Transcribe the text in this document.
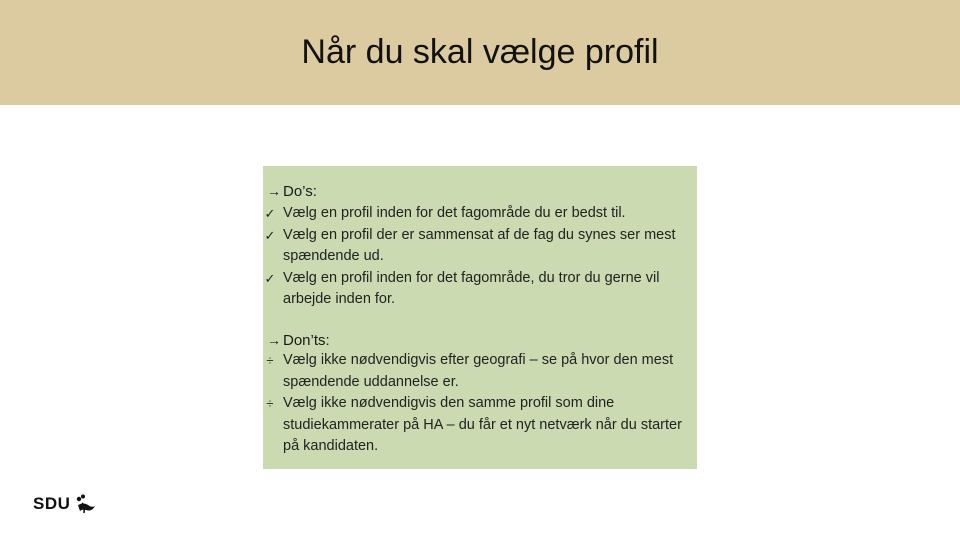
Når du skal vælge profil
→ Do’s:
✓ Vælg en profil inden for det fagområde du er bedst til.
✓ Vælg en profil der er sammensat af de fag du synes ser mest spændende ud.
✓ Vælg en profil inden for det fagområde, du tror du gerne vil arbejde inden for.
→ Don’ts:
÷ Vælg ikke nødvendigvis efter geografi – se på hvor den mest spændende uddannelse er.
÷ Vælg ikke nødvendigvis den samme profil som dine studiekammerater på HA – du får et nyt netværk når du starter på kandidaten.
SDU
